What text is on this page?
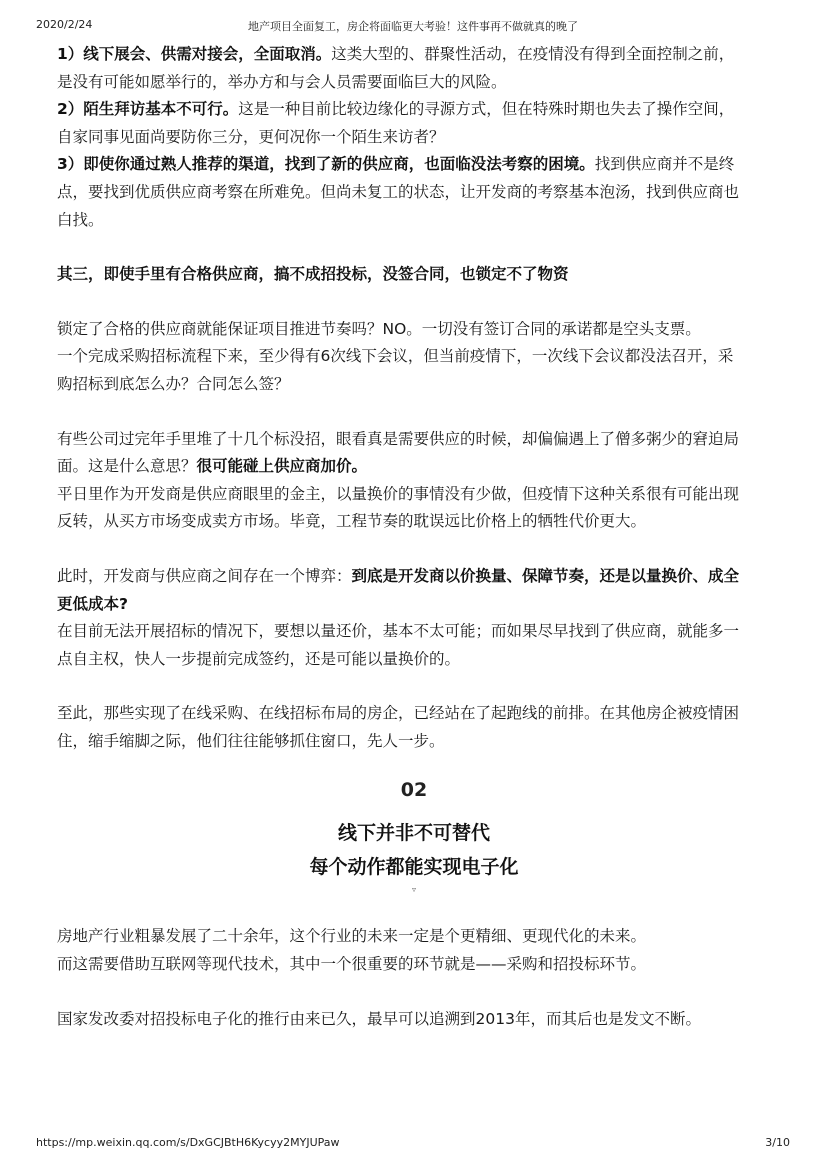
2020/2/24	地产项目全面复工，房企将面临更大考验！这件事再不做就真的晚了
1）线下展会、供需对接会，全面取消。这类大型的、群聚性活动，在疫情没有得到全面控制之前，
是没有可能如愿举行的，举办方和与会人员需要面临巨大的风险。
2）陌生拜访基本不可行。这是一种目前比较边缘化的寻源方式，但在特殊时期也失去了操作空间，
自家同事见面尚要防你三分，更何况你一个陌生来访者？
3）即使你通过熟人推荐的渠道，找到了新的供应商，也面临没法考察的困境。找到供应商并不是终
点，要找到优质供应商考察在所难免。但尚未复工的状态，让开发商的考察基本泡汤，找到供应商也
白找。
其三，即使手里有合格供应商，搞不成招投标，没签合同，也锁定不了物资
锁定了合格的供应商就能保证项目推进节奏吗？NO。一切没有签订合同的承诺都是空头支票。
一个完成采购招标流程下来，至少得有6次线下会议，但当前疫情下，一次线下会议都没法召开，采
购招标到底怎么办？合同怎么签？
有些公司过完年手里堆了十几个标没招，眼看真是需要供应的时候，却偏偏遇上了僧多粥少的窘迫局
面。这是什么意思？很可能碰上供应商加价。
平日里作为开发商是供应商眼里的金主，以量换价的事情没有少做，但疫情下这种关系很有可能出现
反转，从买方市场变成卖方市场。毕竟，工程节奏的耽误远比价格上的牺牲代价更大。
此时，开发商与供应商之间存在一个博弈：到底是开发商以价换量、保障节奏，还是以量换价、成全
更低成本?
在目前无法开展招标的情况下，要想以量还价，基本不太可能；而如果尽早找到了供应商，就能多一
点自主权，快人一步提前完成签约，还是可能以量换价的。
至此，那些实现了在线采购、在线招标布局的房企，已经站在了起跑线的前排。在其他房企被疫情困
住，缩手缩脚之际，他们往往能够抓住窗口，先人一步。
02
线下并非不可替代
每个动作都能实现电子化
▿
房地产行业粗暴发展了二十余年，这个行业的未来一定是个更精细、更现代化的未来。
而这需要借助互联网等现代技术，其中一个很重要的环节就是——采购和招投标环节。
国家发改委对招投标电子化的推行由来已久，最早可以追溯到2013年，而其后也是发文不断。
https://mp.weixin.qq.com/s/DxGCJBtH6Kycyy2MYJUPaw	3/10
